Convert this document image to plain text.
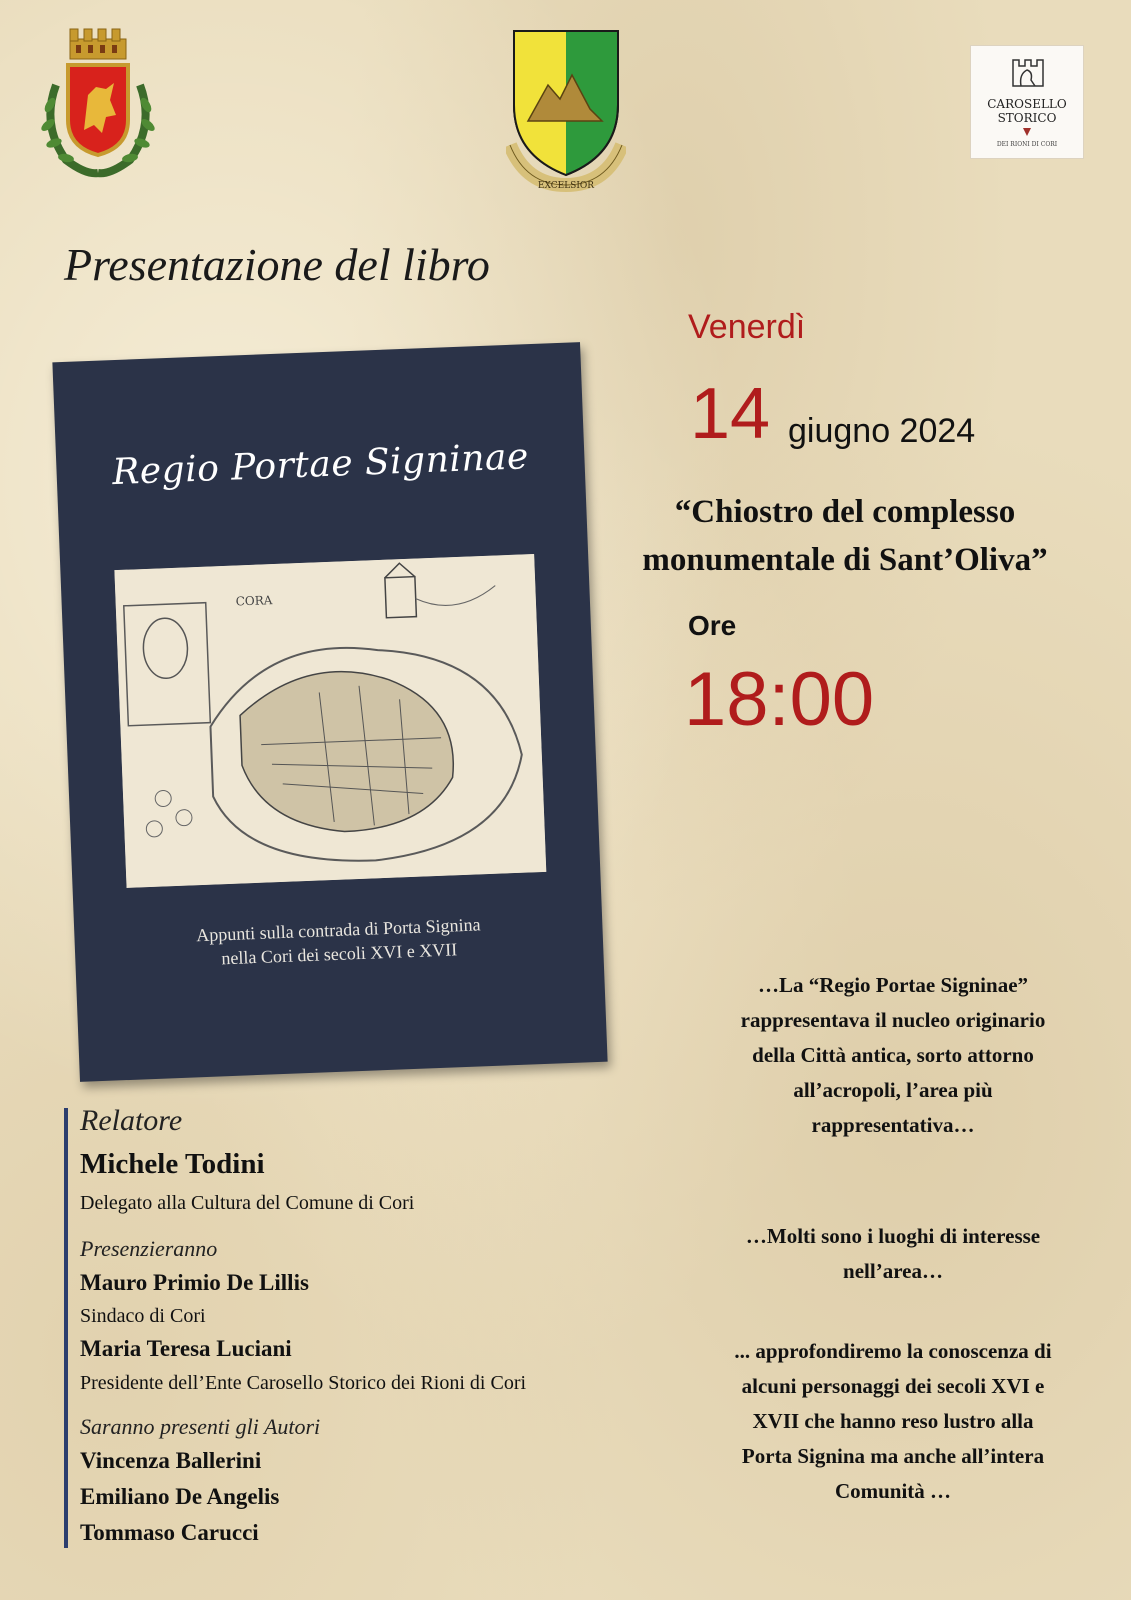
EXCELSIOR
CAROSELLO
STORICO
DEI RIONI DI CORI
Presentazione del libro
Venerdì
14 giugno 2024
“Chiostro del complesso monumentale di Sant’Oliva”
Ore
18:00
Regio Portae Signinae
CORA
Appunti sulla contrada di Porta Signina
nella Cori dei secoli XVI e XVII
Relatore
Michele Todini
Delegato alla Cultura del Comune di Cori
Presenzieranno
Mauro Primio De Lillis
Sindaco di Cori
Maria Teresa Luciani
Presidente dell’Ente Carosello Storico dei Rioni di Cori
Saranno presenti gli Autori
Vincenza Ballerini
Emiliano De Angelis
Tommaso Carucci
…La “Regio Portae Signinae” rappresentava il nucleo originario della Città antica, sorto attorno all’acropoli, l’area più rappresentativa…
…Molti sono i luoghi di interesse nell’area…
... approfondiremo la conoscenza di alcuni personaggi dei secoli XVI e XVII che hanno reso lustro alla Porta Signina ma anche all’intera Comunità …
